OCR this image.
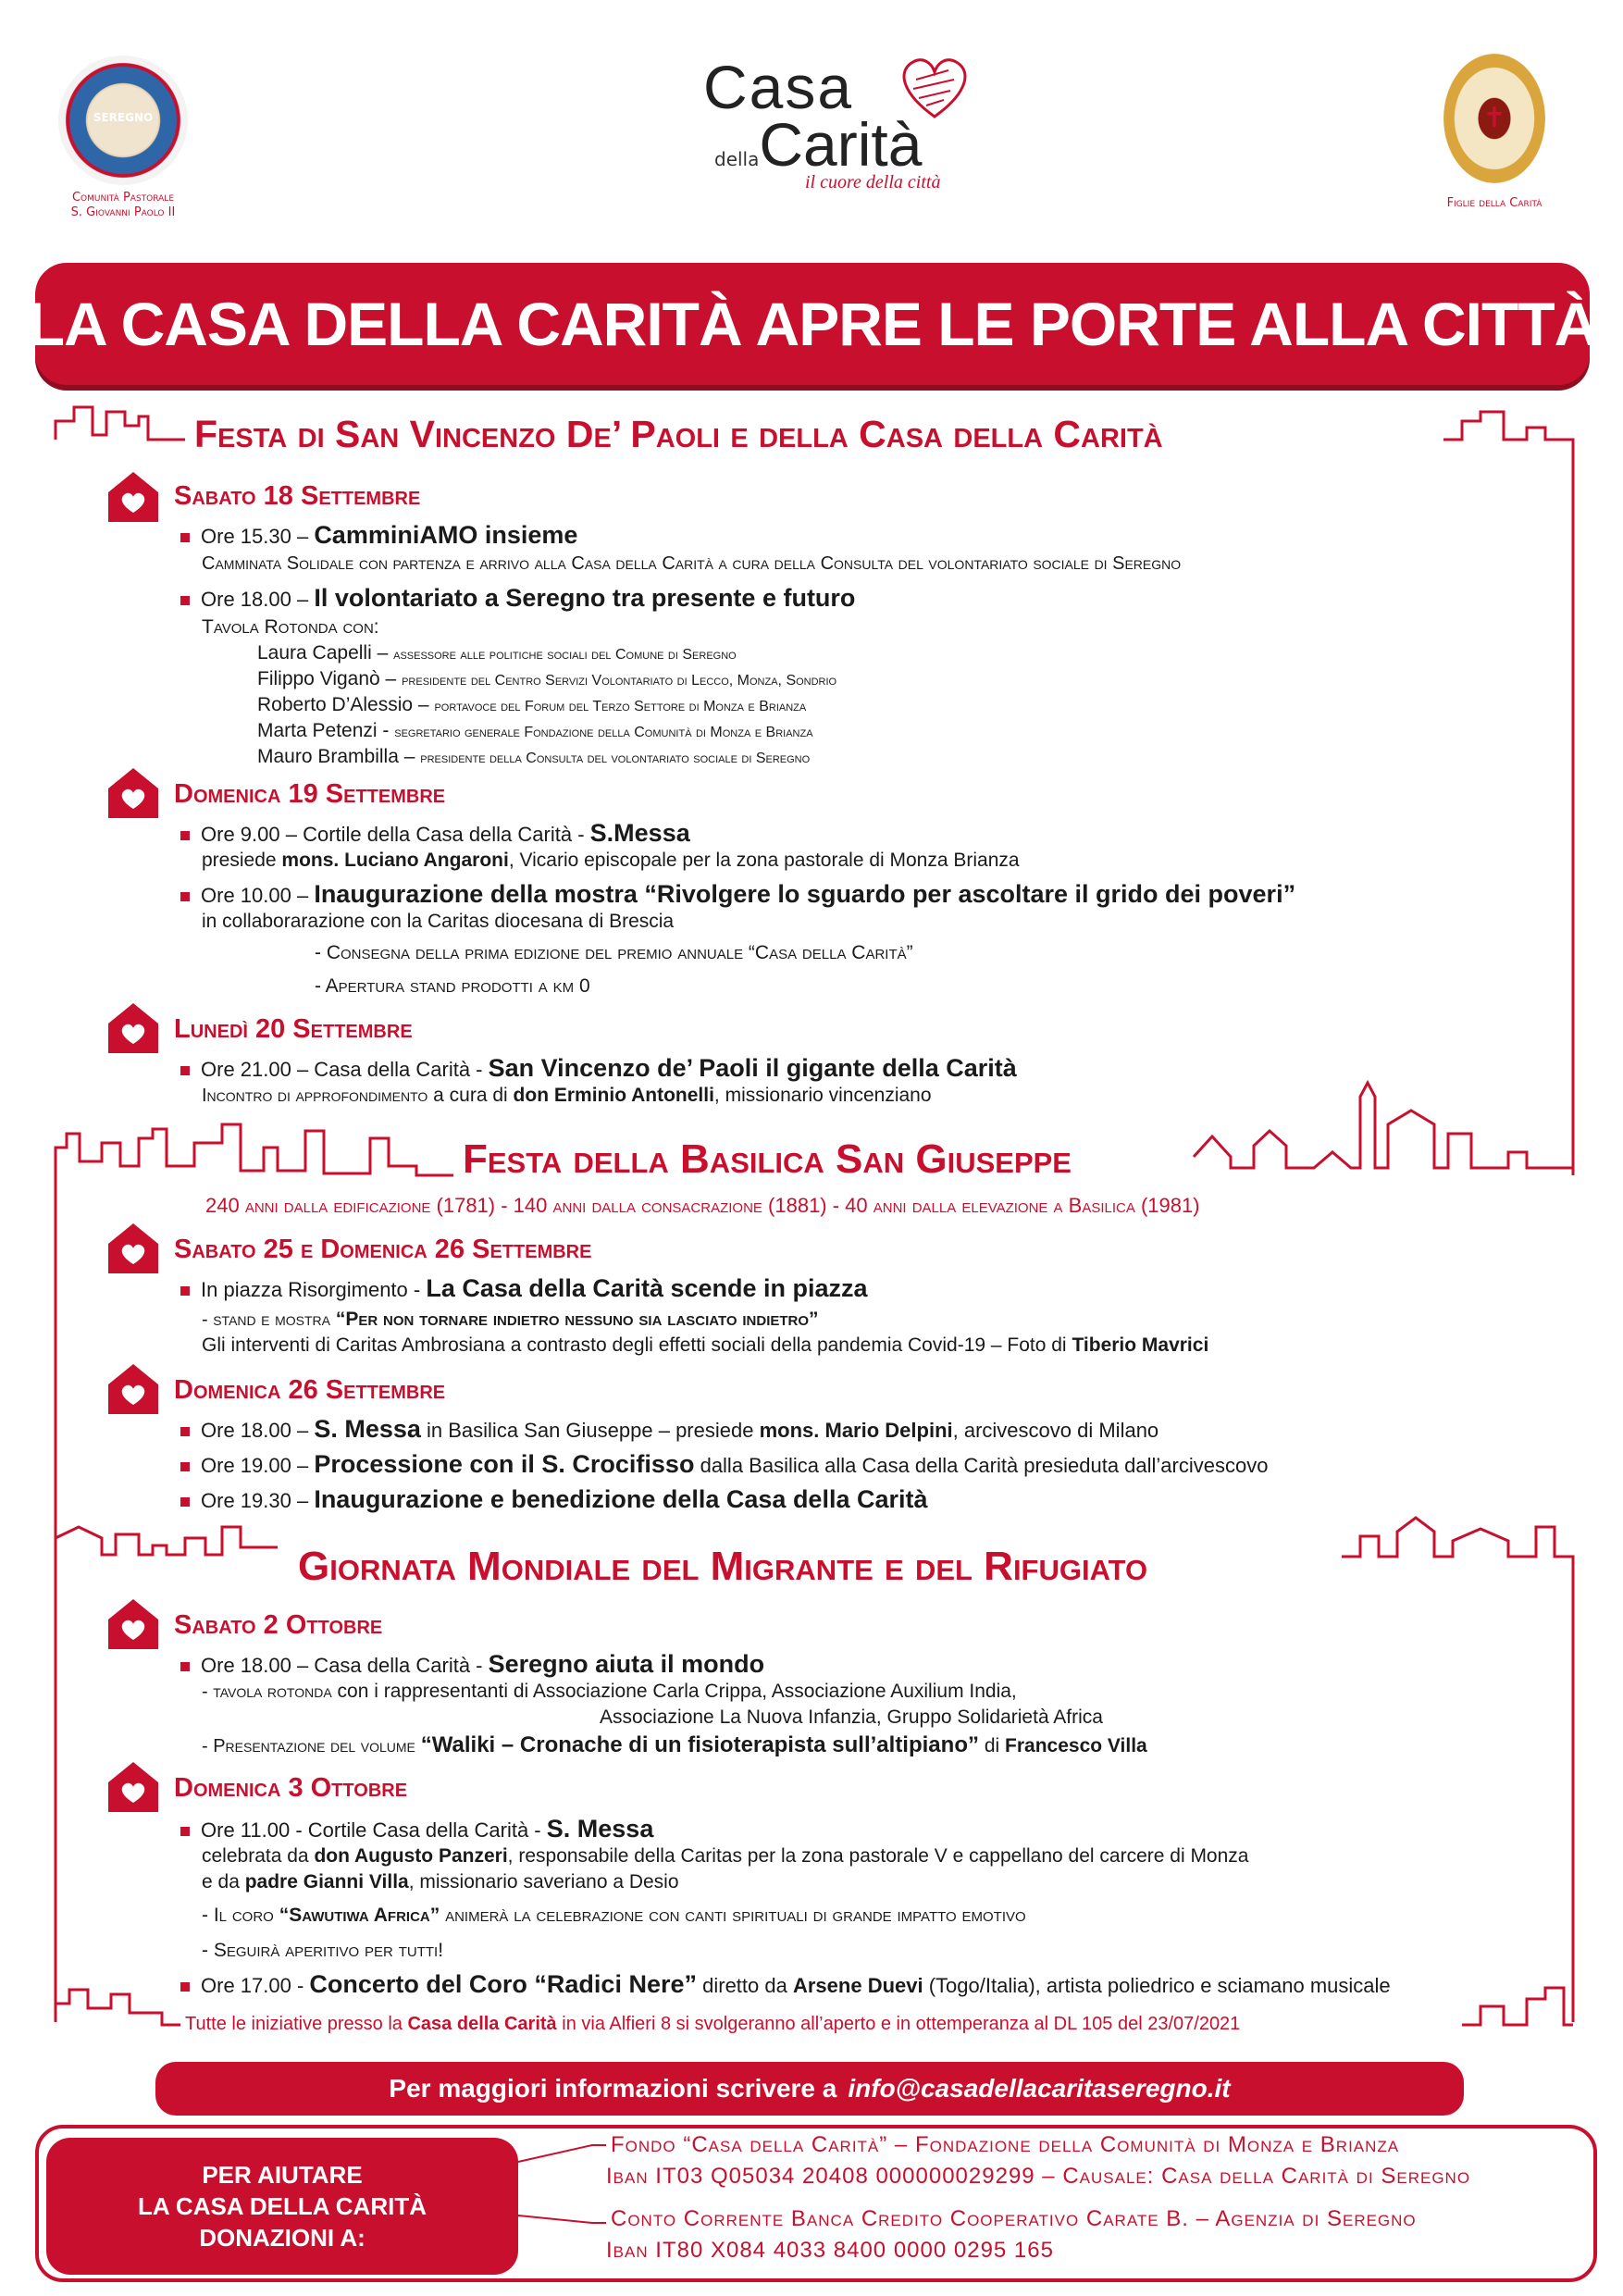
SEREGNO
Comunità Pastorale
S. Giovanni Paolo II
Casa
dellaCarità
il cuore della città
✝
Figlie della Carità
LA CASA DELLA CARITÀ APRE LE PORTE ALLA CITTÀ
Festa di San Vincenzo De’ Paoli e della Casa della Carità
Sabato 18 Settembre
Ore 15.30 – CamminiAMO insieme
Camminata Solidale con partenza e arrivo alla Casa della Carità a cura della Consulta del volontariato sociale di Seregno
Ore 18.00 – Il volontariato a Seregno tra presente e futuro
Tavola Rotonda con:
Laura Capelli – assessore alle politiche sociali del Comune di Seregno
Filippo Viganò – presidente del Centro Servizi Volontariato di Lecco, Monza, Sondrio
Roberto D’Alessio – portavoce del Forum del Terzo Settore di Monza e Brianza
Marta Petenzi - segretario generale Fondazione della Comunità di Monza e Brianza
Mauro Brambilla – presidente della Consulta del volontariato sociale di Seregno
Domenica 19 Settembre
Ore 9.00 – Cortile della Casa della Carità - S.Messa
presiede mons. Luciano Angaroni, Vicario episcopale per la zona pastorale di Monza Brianza
Ore 10.00 – Inaugurazione della mostra “Rivolgere lo sguardo per ascoltare il grido dei poveri”
in collaborarazione con la Caritas diocesana di Brescia
- Consegna della prima edizione del premio annuale “Casa della Carità”
- Apertura stand prodotti a km 0
Lunedì 20 Settembre
Ore 21.00 – Casa della Carità - San Vincenzo de’ Paoli il gigante della Carità
Incontro di approfondimento a cura di don Erminio Antonelli, missionario vincenziano
Festa della Basilica San Giuseppe
240 anni dalla edificazione (1781) - 140 anni dalla consacrazione (1881) - 40 anni dalla elevazione a Basilica (1981)
Sabato 25 e Domenica 26 Settembre
In piazza Risorgimento - La Casa della Carità scende in piazza
- stand e mostra “Per non tornare indietro nessuno sia lasciato indietro”
Gli interventi di Caritas Ambrosiana a contrasto degli effetti sociali della pandemia Covid-19 – Foto di Tiberio Mavrici
Domenica 26 Settembre
Ore 18.00 – S. Messa in Basilica San Giuseppe – presiede mons. Mario Delpini, arcivescovo di Milano
Ore 19.00 – Processione con il S. Crocifisso dalla Basilica alla Casa della Carità presieduta dall’arcivescovo
Ore 19.30 – Inaugurazione e benedizione della Casa della Carità
Giornata Mondiale del Migrante e del Rifugiato
Sabato 2 Ottobre
Ore 18.00 – Casa della Carità - Seregno aiuta il mondo
- tavola rotonda con i rappresentanti di Associazione Carla Crippa, Associazione Auxilium India,
Associazione La Nuova Infanzia, Gruppo Solidarietà Africa
- Presentazione del volume “Waliki – Cronache di un fisioterapista sull’altipiano” di Francesco Villa
Domenica 3 Ottobre
Ore 11.00 - Cortile Casa della Carità - S. Messa
celebrata da don Augusto Panzeri, responsabile della Caritas per la zona pastorale V e cappellano del carcere di Monza
e da padre Gianni Villa, missionario saveriano a Desio
- Il coro “Sawutiwa Africa” animerà la celebrazione con canti spirituali di grande impatto emotivo
- Seguirà aperitivo per tutti!
Ore 17.00 - Concerto del Coro “Radici Nere” diretto da Arsene Duevi (Togo/Italia), artista poliedrico e sciamano musicale
Tutte le iniziative presso la Casa della Carità in via Alfieri 8 si svolgeranno all’aperto e in ottemperanza al DL 105 del 23/07/2021
Per maggiori informazioni scrivere a info@casadellacaritaseregno.it
PER AIUTARE
LA CASA DELLA CARITÀ
DONAZIONI A:
Fondo “Casa della Carità” – Fondazione della Comunità di Monza e Brianza
Iban IT03 Q05034 20408 000000029299 – Causale: Casa della Carità di Seregno
Conto Corrente Banca Credito Cooperativo Carate B. – Agenzia di Seregno
Iban IT80 X084 4033 8400 0000 0295 165
